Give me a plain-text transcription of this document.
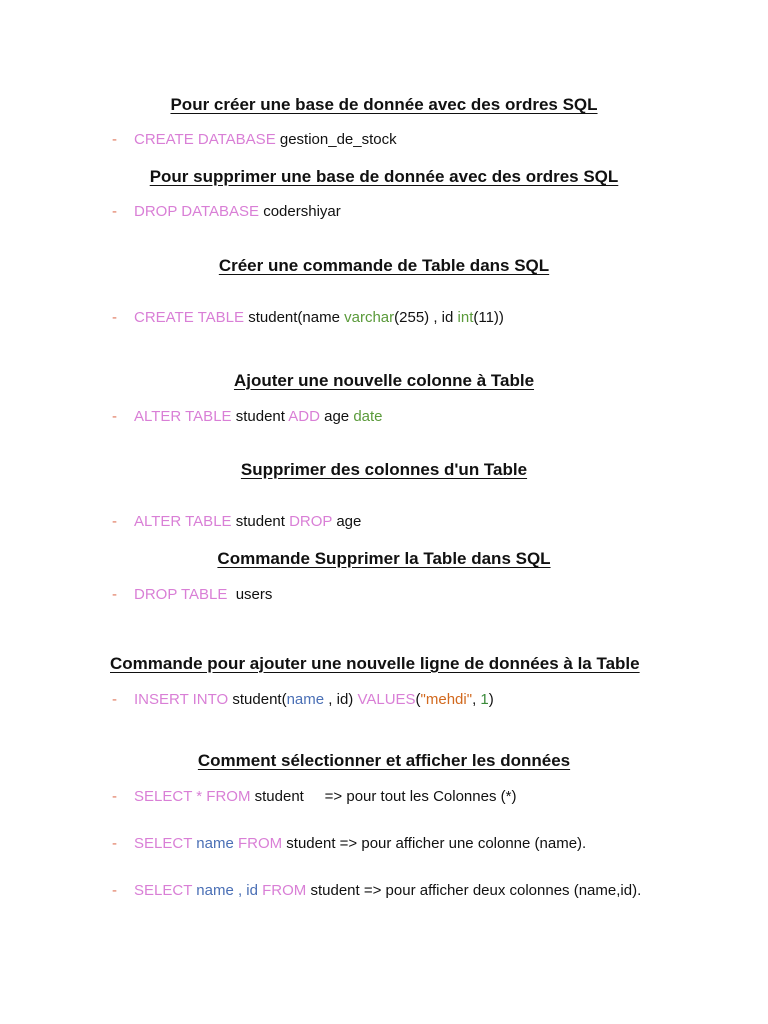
Pour créer une base de donnée avec des ordres SQL
- CREATE DATABASE gestion_de_stock
Pour supprimer une base de donnée avec des ordres SQL
- DROP DATABASE codershiyar
Créer une commande de Table dans SQL
- CREATE TABLE student(name varchar(255) , id int(11))
Ajouter une nouvelle colonne à Table
- ALTER TABLE student ADD age date
Supprimer des colonnes d'un Table
- ALTER TABLE student DROP age
Commande Supprimer la Table dans SQL
- DROP TABLE  users
Commande pour ajouter une nouvelle ligne de données à la Table
- INSERT INTO student(name , id) VALUES("mehdi", 1)
Comment sélectionner et afficher les données
- SELECT * FROM student     => pour tout les Colonnes (*)
- SELECT name FROM student => pour afficher une colonne (name).
- SELECT name , id FROM student => pour afficher deux colonnes (name,id).
